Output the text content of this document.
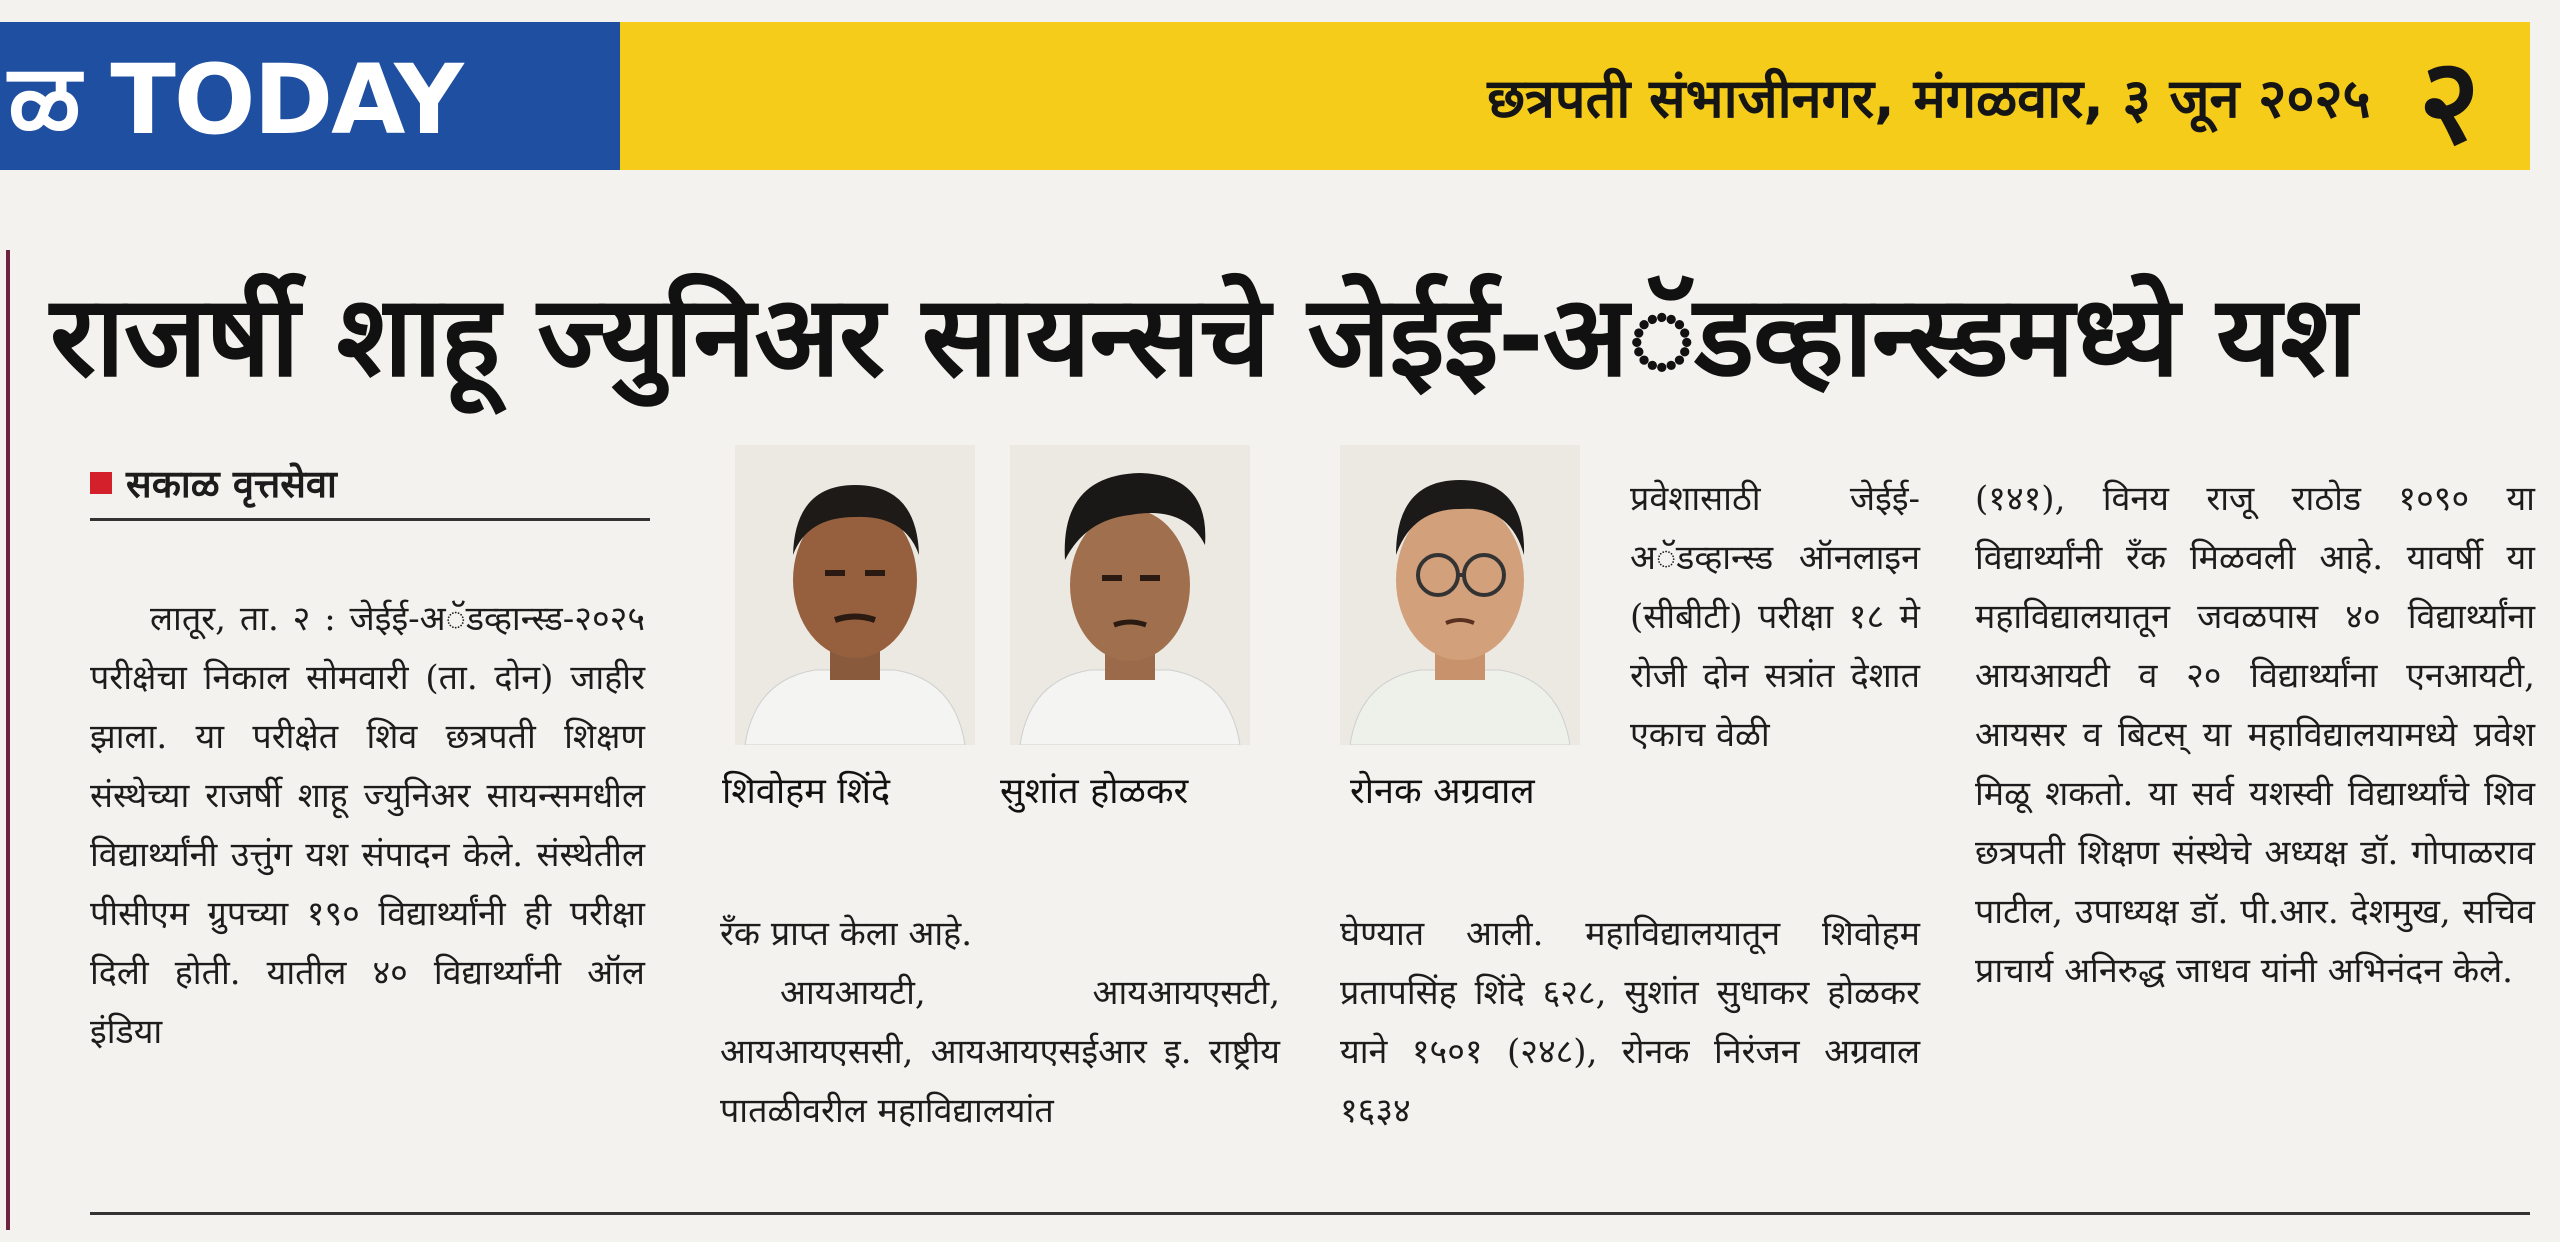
ळ TODAY	छत्रपती संभाजीनगर, मंगळवार, ३ जून २०२५ २
राजर्षी शाहू ज्युनिअर सायन्सचे जेईई-अॅडव्हान्स्डमध्ये यश
सकाळ वृत्तसेवा

लातूर, ता. २ : जेईई-अॅडव्हान्स्ड-२०२५ परीक्षेचा निकाल सोमवारी (ता. दोन) जाहीर झाला. या परीक्षेत शिव छत्रपती शिक्षण संस्थेच्या राजर्षी शाहू ज्युनिअर सायन्समधील विद्यार्थ्यांनी उत्तुंग यश संपादन केले. संस्थेतील पीसीएम ग्रुपच्या १९० विद्यार्थ्यांनी ही परीक्षा दिली होती. यातील ४० विद्यार्थ्यांनी ऑल इंडिया

शिवोहम शिंदे	सुशांत होळकर	रोनक अग्रवाल

प्रवेशासाठी जेईई-अॅडव्हान्स्ड ऑनलाइन (सीबीटी) परीक्षा १८ मे रोजी दोन सत्रांत देशात एकाच वेळी

रँक प्राप्त केला आहे.

आयआयटी, आयआयएसटी, आयआयएससी, आयआयएसईआर इ. राष्ट्रीय पातळीवरील महाविद्यालयांत

घेण्यात आली. महाविद्यालयातून शिवोहम प्रतापसिंह शिंदे ६२८, सुशांत सुधाकर होळकर याने १५०१ (२४८), रोनक निरंजन अग्रवाल १६३४

(१४१), विनय राजू राठोड १०९० या विद्यार्थ्यांनी रँक मिळवली आहे. यावर्षी या महाविद्यालयातून जवळपास ४० विद्यार्थ्यांना आयआयटी व २० विद्यार्थ्यांना एनआयटी, आयसर व बिटस् या महाविद्यालयामध्ये प्रवेश मिळू शकतो. या सर्व यशस्वी विद्यार्थ्यांचे शिव छत्रपती शिक्षण संस्थेचे अध्यक्ष डॉ. गोपाळराव पाटील, उपाध्यक्ष डॉ. पी.आर. देशमुख, सचिव प्राचार्य अनिरुद्ध जाधव यांनी अभिनंदन केले.
